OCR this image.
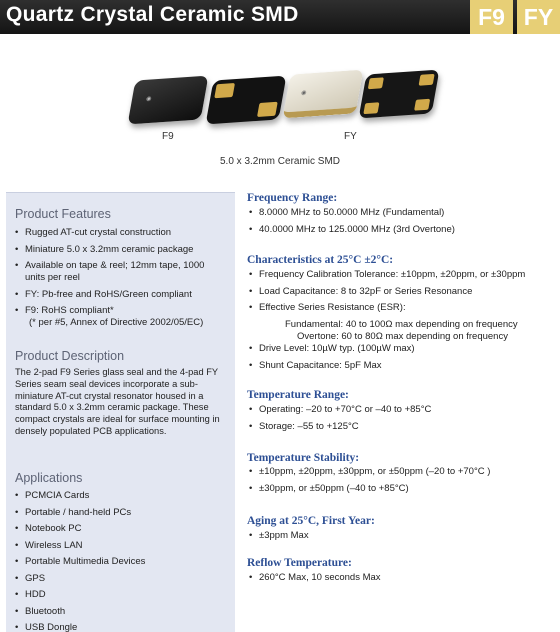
Quartz Crystal Ceramic SMD	F9 FY
◉
◉
F9	FY
5.0 x 3.2mm Ceramic SMD
Product Features
• Rugged AT-cut crystal construction
• Miniature 5.0 x 3.2mm ceramic package
• Available on tape & reel; 12mm tape, 1000 units per reel
• FY: Pb-free and RoHS/Green compliant
• F9: RoHS compliant*
(* per #5, Annex of Directive 2002/05/EC)
Product Description
The 2-pad F9 Series glass seal and the 4-pad FY Series seam seal devices incorporate a sub-miniature AT-cut crystal resonator housed in a standard 5.0 x 3.2mm ceramic package. These compact crystals are ideal for surface mounting in densely populated PCB applications.
Applications
• PCMCIA Cards
• Portable / hand-held PCs
• Notebook PC
• Wireless LAN
• Portable Multimedia Devices
• GPS
• HDD
• Bluetooth
• USB Dongle
Frequency Range:
• 8.0000 MHz to 50.0000 MHz (Fundamental)
• 40.0000 MHz to 125.0000 MHz (3rd Overtone)
Characteristics at 25°C ±2°C:
• Frequency Calibration Tolerance: ±10ppm, ±20ppm, or ±30ppm
• Load Capacitance: 8 to 32pF or Series Resonance
• Effective Series Resistance (ESR):
Fundamental: 40 to 100Ω max depending on frequency
Overtone: 60 to 80Ω max depending on frequency
• Drive Level: 10µW typ. (100µW max)
• Shunt Capacitance: 5pF Max
Temperature Range:
• Operating: –20 to +70°C or –40 to +85°C
• Storage: –55 to +125°C
Temperature Stability:
• ±10ppm, ±20ppm, ±30ppm, or ±50ppm (–20 to +70°C )
• ±30ppm, or ±50ppm (–40 to +85°C)
Aging at 25°C, First Year:
• ±3ppm Max
Reflow Temperature:
• 260°C Max, 10 seconds Max
